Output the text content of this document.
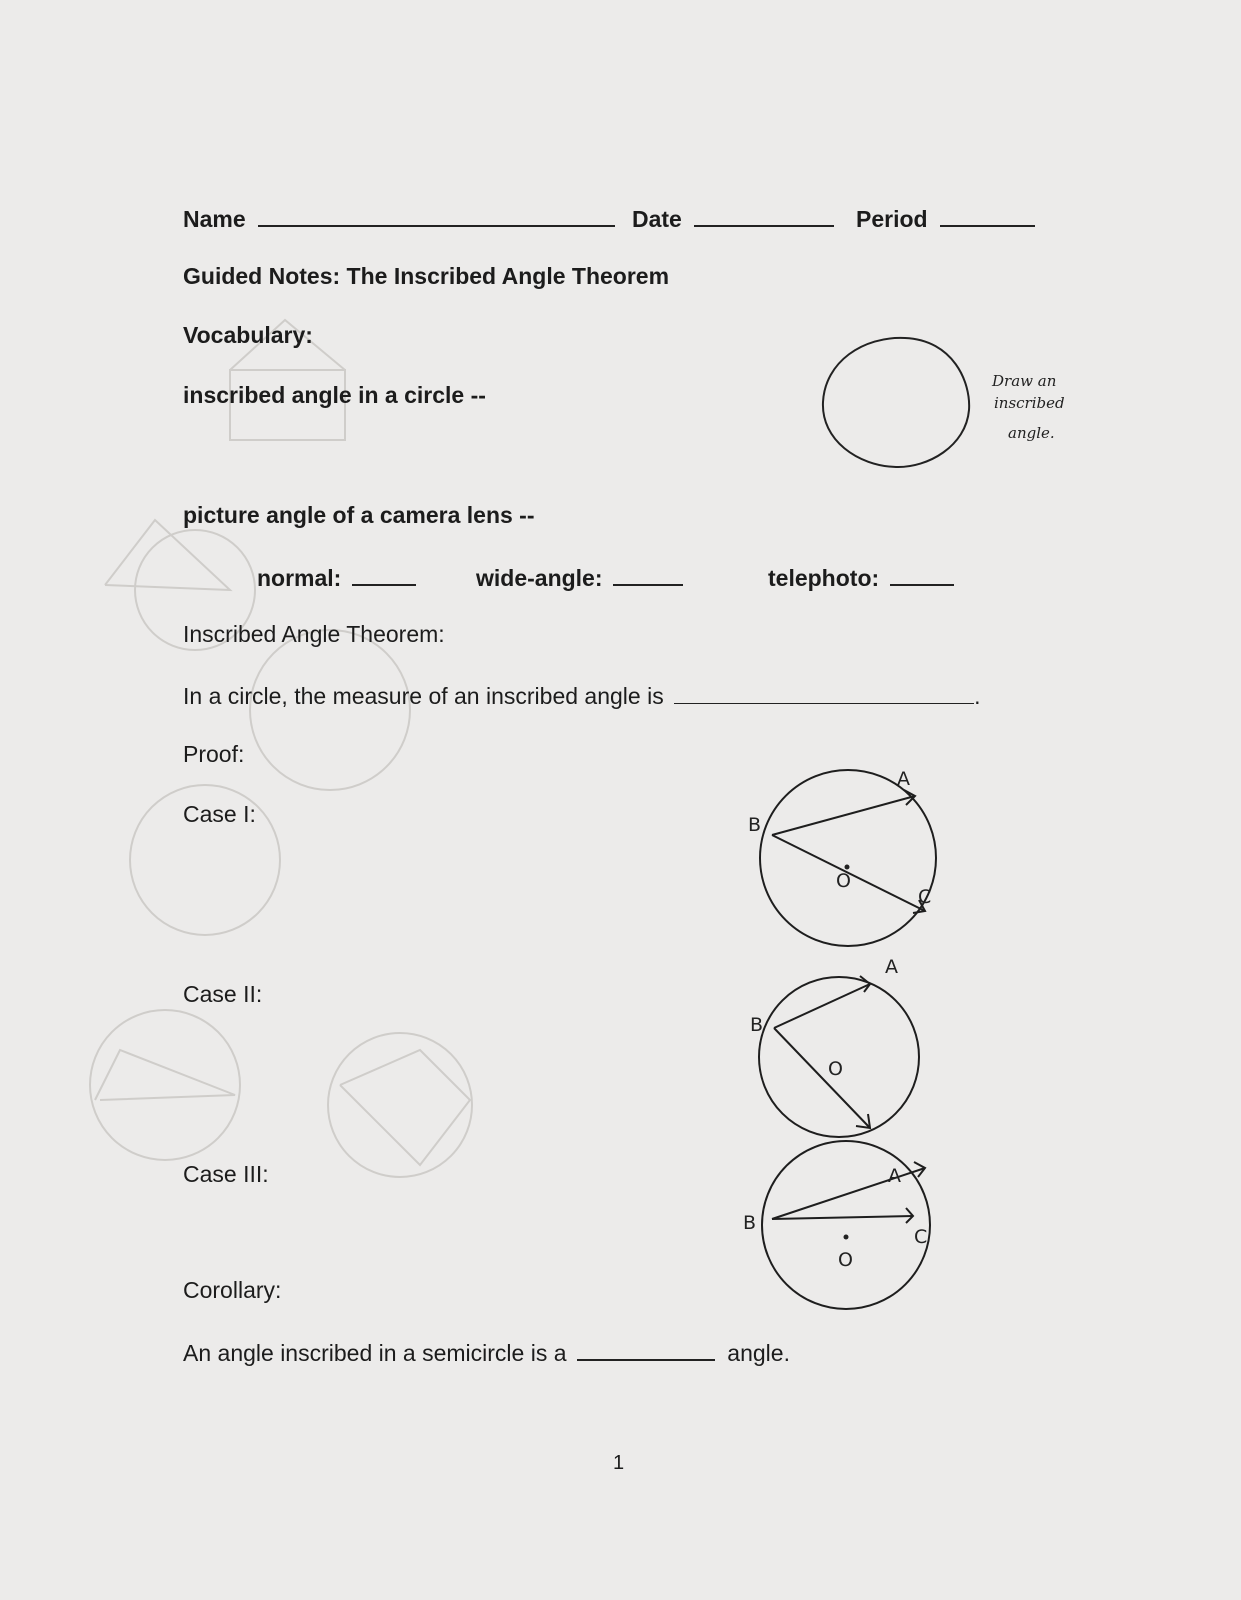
Name	Date	Period
Guided Notes: The Inscribed Angle Theorem
Vocabulary:
inscribed angle in a circle --
Draw an
inscribed
angle.
picture angle of a camera lens --
normal:	wide-angle:	telephoto:
Inscribed Angle Theorem:
In a circle, the measure of an inscribed angle is	.
Proof:
Case I:
A
B
C
O
Case II:
A
B
O
Case III:	A
B
C
O
Corollary:
An angle inscribed in a semicircle is a	angle.
1
